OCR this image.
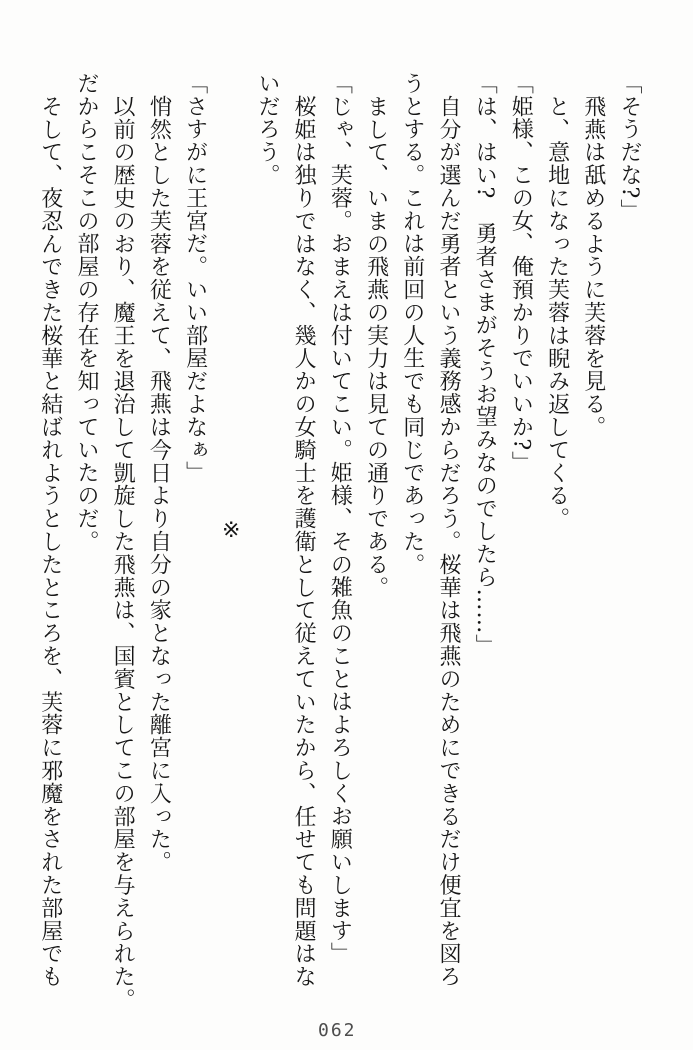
「そうだな?」

飛燕は舐めるように芙蓉を見る。

と、意地になった芙蓉は睨み返してくる。

「姫様、この女、俺預かりでいいか?」

「は、はい?　勇者さまがそうお望みなのでしたら……」

自分が選んだ勇者という義務感からだろう。桜華は飛燕のためにできるだけ便宜を図ろ

うとする。これは前回の人生でも同じであった。

まして、いまの飛燕の実力は見ての通りである。

「じゃ、芙蓉。おまえは付いてこい。姫様、その雑魚のことはよろしくお願いします」

桜姫は独りではなく、幾人かの女騎士を護衛として従えていたから、任せても問題はな

いだろう。

※

「さすがに王宮だ。いい部屋だよなぁ」

悄然とした芙蓉を従えて、飛燕は今日より自分の家となった離宮に入った。

以前の歴史のおり、魔王を退治して凱旋した飛燕は、国賓としてこの部屋を与えられた。

だからこそこの部屋の存在を知っていたのだ。

そして、夜忍んできた桜華と結ばれようとしたところを、芙蓉に邪魔をされた部屋でも

062
